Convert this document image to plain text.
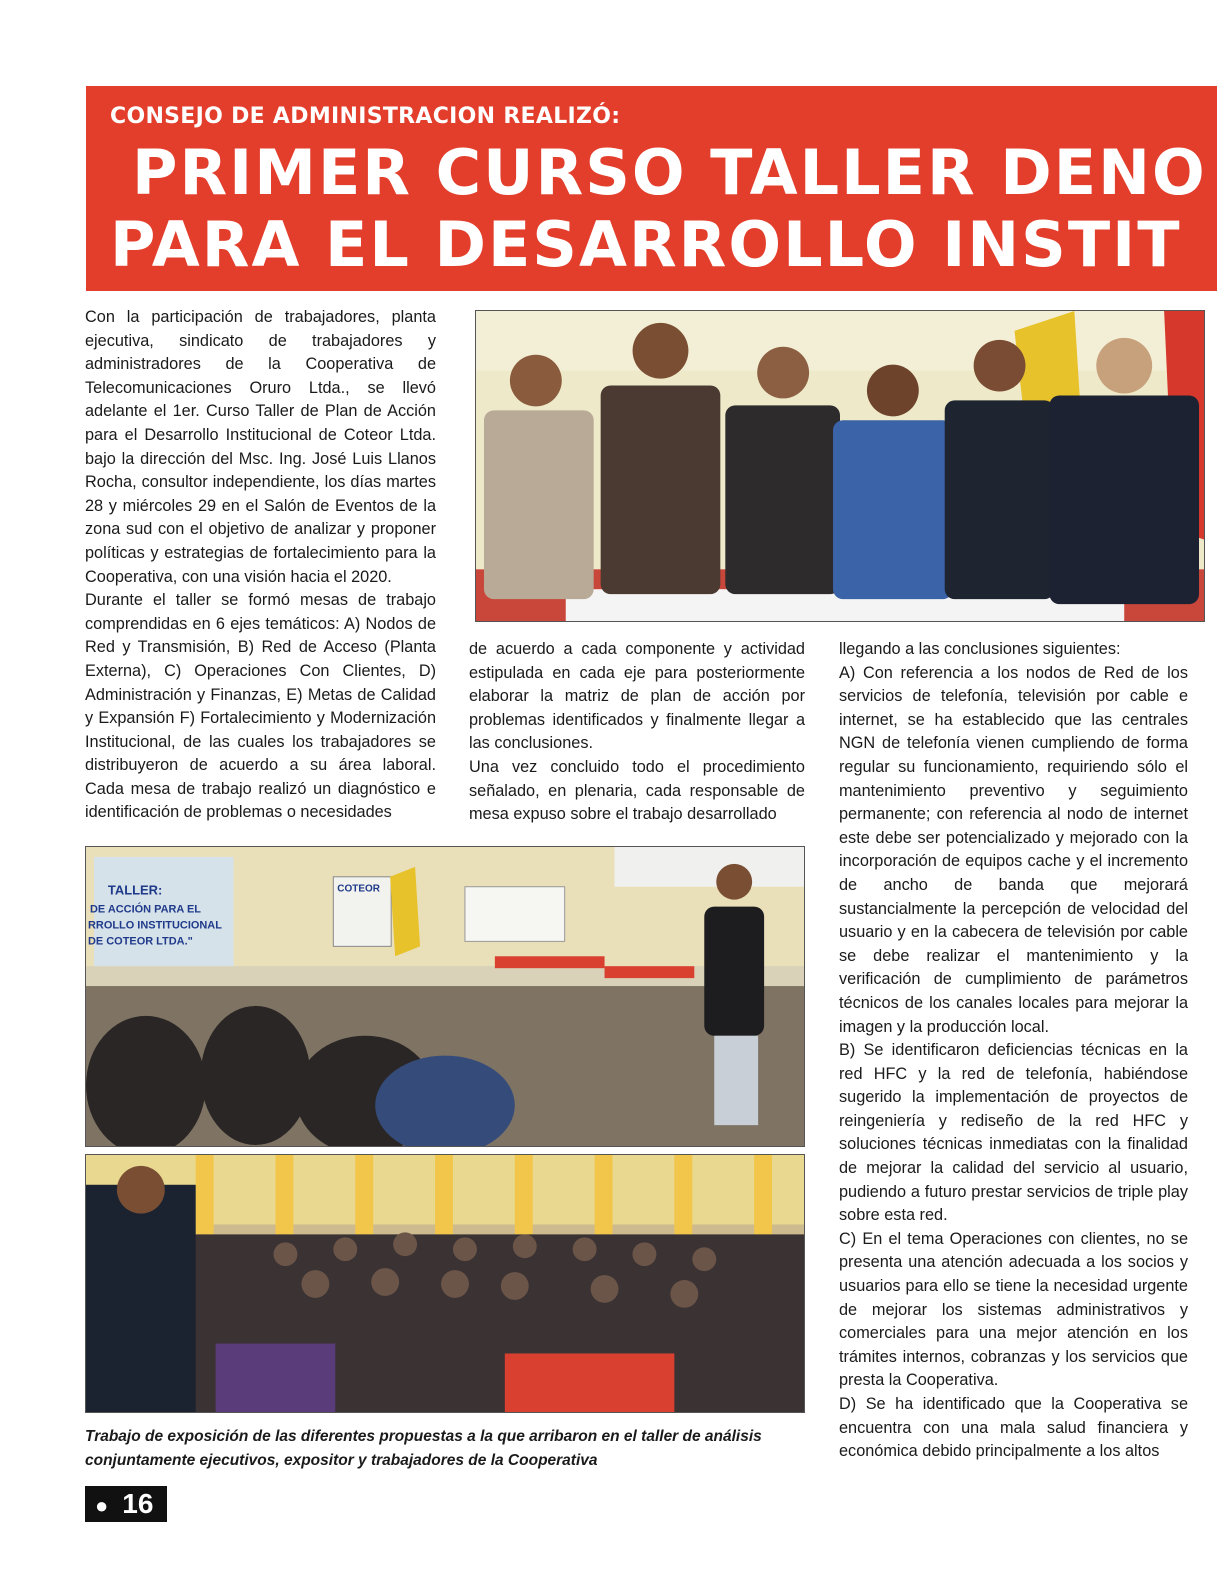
CONSEJO DE ADMINISTRACION REALIZÓ:
PRIMER CURSO TALLER DENO
PARA EL DESARROLLO INSTIT

Con la participación de trabajadores, planta ejecutiva, sindicato de trabajadores y administradores de la Cooperativa de Telecomunicaciones Oruro Ltda., se llevó adelante el 1er. Curso Taller de Plan de Acción para el Desarrollo Institucional de Coteor Ltda. bajo la dirección del Msc. Ing. José Luis Llanos Rocha, consultor independiente, los días martes 28 y miércoles 29 en el Salón de Eventos de la zona sud con el objetivo de analizar y proponer políticas y estrategias de fortalecimiento para la Cooperativa, con una visión hacia el 2020.

Durante el taller se formó mesas de trabajo comprendidas en 6 ejes temáticos: A) Nodos de Red y Transmisión, B) Red de Acceso (Planta Externa), C) Operaciones Con Clientes, D) Administración y Finanzas, E) Metas de Calidad y Expansión F) Fortalecimiento y Modernización Institucional, de las cuales los trabajadores se distribuyeron de acuerdo a su área laboral. Cada mesa de trabajo realizó un diagnóstico e identificación de problemas o necesidades

de acuerdo a cada componente y actividad estipulada en cada eje para posteriormente elaborar la matriz de plan de acción por problemas identificados y finalmente llegar a las conclusiones.

Una vez concluido todo el procedimiento señalado, en plenaria, cada responsable de mesa expuso sobre el trabajo desarrollado

llegando a las conclusiones siguientes:

A) Con referencia a los nodos de Red de los servicios de telefonía, televisión por cable e internet, se ha establecido que las centrales NGN de telefonía vienen cumpliendo de forma regular su funcionamiento, requiriendo sólo el mantenimiento preventivo y seguimiento permanente; con referencia al nodo de internet este debe ser potencializado y mejorado con la incorporación de equipos cache y el incremento de ancho de banda que mejorará sustancialmente la percepción de velocidad del usuario y en la cabecera de televisión por cable se debe realizar el mantenimiento y la verificación de cumplimiento de parámetros técnicos de los canales locales para mejorar la imagen y la producción local.

B) Se identificaron deficiencias técnicas en la red HFC y la red de telefonía, habiéndose sugerido la implementación de proyectos de reingeniería y rediseño de la red HFC y soluciones técnicas inmediatas con la finalidad de mejorar la calidad del servicio al usuario, pudiendo a futuro prestar servicios de triple play sobre esta red.

C) En el tema Operaciones con clientes, no se presenta una atención adecuada a los socios y usuarios para ello se tiene la necesidad urgente de mejorar los sistemas administrativos y comerciales para una mejor atención en los trámites internos, cobranzas y los servicios que presta la Cooperativa.

D) Se ha identificado que la Cooperativa se encuentra con una mala salud financiera y económica debido principalmente a los altos

TALLER:
DE ACCIÓN PARA EL
RROLLO INSTITUCIONAL
DE COTEOR LTDA."
COTEOR

Trabajo de exposición de las diferentes propuestas a la que arribaron en el taller de análisis conjuntamente ejecutivos, expositor y trabajadores de la Cooperativa

● 16
